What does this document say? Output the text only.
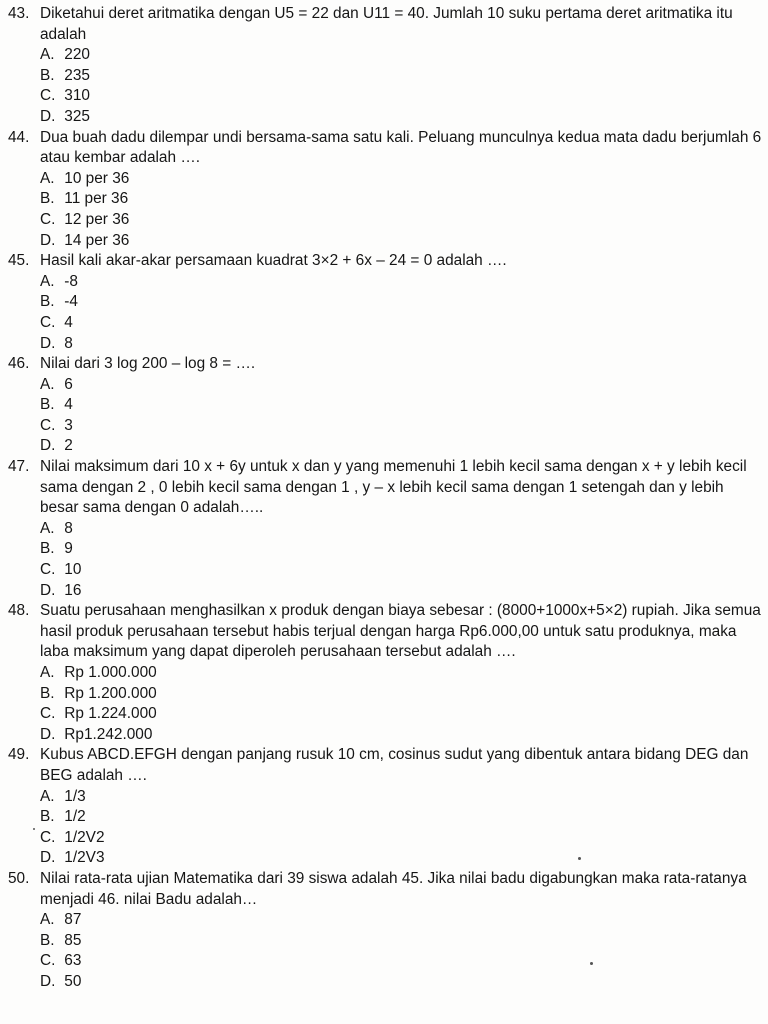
43. Diketahui deret aritmatika dengan U5 = 22 dan U11 = 40. Jumlah 10 suku pertama deret aritmatika itu adalah
A. 220
B. 235
C. 310
D. 325
44. Dua buah dadu dilempar undi bersama-sama satu kali. Peluang munculnya kedua mata dadu berjumlah 6 atau kembar adalah ….
A. 10 per 36
B. 11 per 36
C. 12 per 36
D. 14 per 36
45. Hasil kali akar-akar persamaan kuadrat 3×2 + 6x – 24 = 0 adalah ….
A. -8
B. -4
C. 4
D. 8
46. Nilai dari 3 log 200 – log 8 = ….
A. 6
B. 4
C. 3
D. 2
47. Nilai maksimum dari 10 x + 6y untuk x dan y yang memenuhi 1 lebih kecil sama dengan x + y lebih kecil sama dengan 2 , 0 lebih kecil sama dengan 1 , y – x lebih kecil sama dengan 1 setengah dan y lebih besar sama dengan 0 adalah…..
A. 8
B. 9
C. 10
D. 16
48. Suatu perusahaan menghasilkan x produk dengan biaya sebesar : (8000+1000x+5×2) rupiah. Jika semua hasil produk perusahaan tersebut habis terjual dengan harga Rp6.000,00 untuk satu produknya, maka laba maksimum yang dapat diperoleh perusahaan tersebut adalah ….
A. Rp 1.000.000
B. Rp 1.200.000
C. Rp 1.224.000
D. Rp1.242.000
49. Kubus ABCD.EFGH dengan panjang rusuk 10 cm, cosinus sudut yang dibentuk antara bidang DEG dan BEG adalah ….
A. 1/3
B. 1/2
C. 1/2V2
D. 1/2V3
50. Nilai rata-rata ujian Matematika dari 39 siswa adalah 45. Jika nilai badu digabungkan maka rata-ratanya menjadi 46. nilai Badu adalah…
A. 87
B. 85
C. 63
D. 50
